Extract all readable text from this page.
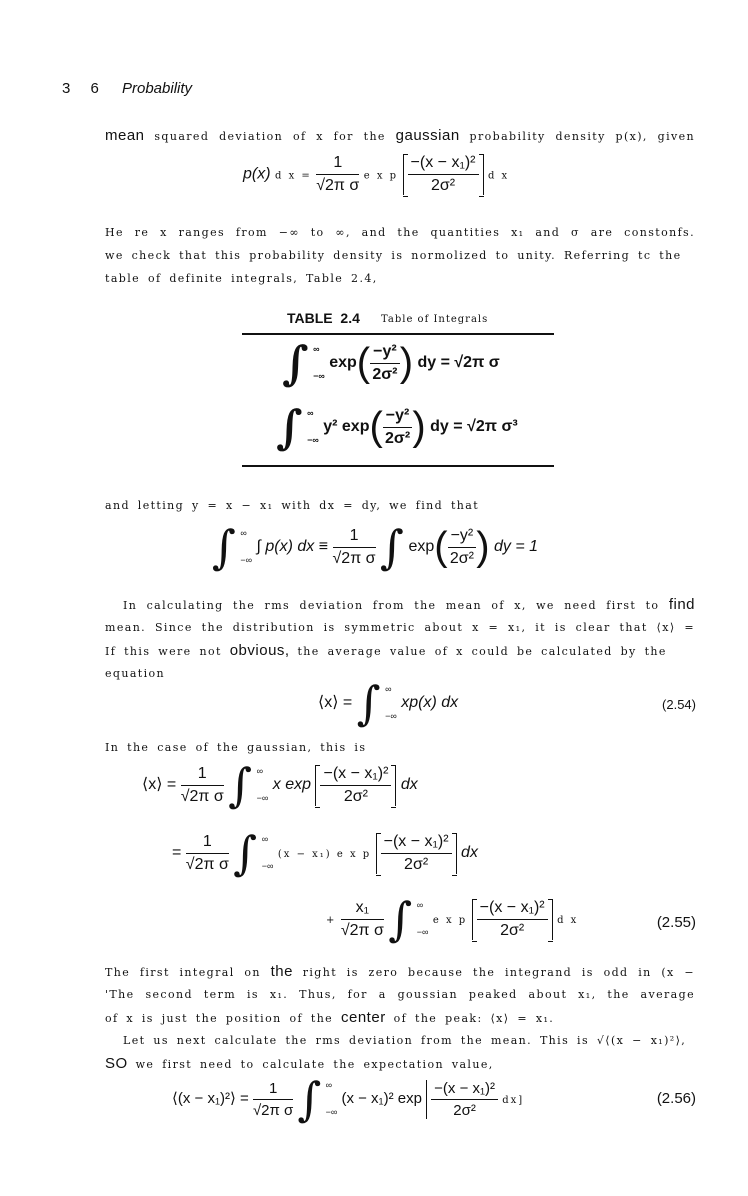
3 6 Probability
mean squared deviation of x for the gaussian probability density p(x), given
p(x) d $x = \frac{1}{\text{√2π σ}}$ e x p $\frac{\text{−(x − x₁)²}}{\text{2σ²}}$ d x
He re x ranges from −∞ to ∞, and the quantities x₁ and σ are constonfs.
we check that this probability density is normolized to unity. Referring tc the
table of definite integrals, Table 2.4,
TABLE 2.4 Table of Integrals
∫ ∞

−∞ $\exp( \frac{\text{−y²}}{\text{2σ²}}$ ) dy = √2π σ
∫ ∞

−∞ y² $\exp( \frac{\text{−y²}}{\text{2σ²}}$ ) dy = √2π σ³
and letting y = x − x₁ with dx = dy, we find that
∫ ∞

−∞ ∫ p(x) dx ≡ $\frac{1}{\text{√2π σ}}$ ∫ $\exp( \frac{\text{−y²}}{\text{2σ²}}$ ) dy = 1
In calculating the rms deviation from the mean of x, we need first to find
mean. Since the distribution is symmetric about x = x₁, it is clear that ⟨x⟩ =
If this were not obvious, the average value of x could be calculated by the
equation
⟨x⟩ = ∫ ∞

−∞ xp(x) dx	(2.54)
In the case of the gaussian, this is
⟨x⟩ = $\frac{1}{\text{√2π σ}}$ ∫ ∞

−∞ x $\exp \frac{\text{−(x − x₁)²}}{\text{2σ²}}$ dx
= $\frac{1}{\text{√2π σ}}$ ∫ ∞

−∞ (x − x₁) e x p $\frac{\text{−(x − x₁)²}}{\text{2σ²}}$ dx
+ $\frac{\text{x₁}}{\text{√2π σ}}$ ∫ ∞

−∞ e x p $\frac{\text{−(x − x₁)²}}{\text{2σ²}}$ d x	(2.55)
The first integral on the right is zero because the integrand is odd in (x −
'The second term is x₁. Thus, for a goussian peaked about x₁, the average
of x is just the position of the center of the peak: ⟨x⟩ = x₁.
Let us next calculate the rms deviation from the mean. This is √⟨(x − x₁)²⟩,
SO we first need to calculate the expectation value,
⟨(x − x₁)²⟩ = $\frac{1}{\text{√2π σ}}$ ∫ ∞

−∞ (x − x₁)² $\exp \frac{\text{−(x − x₁)²}}{\text{2σ²}} dx$]	(2.56)
